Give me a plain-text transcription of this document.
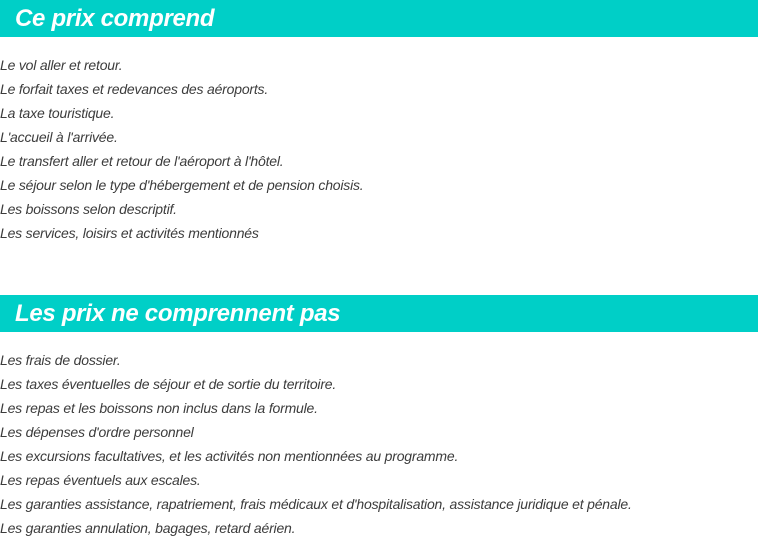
Ce prix comprend
Le vol aller et retour.
Le forfait taxes et redevances des aéroports.
La taxe touristique.
L'accueil à l'arrivée.
Le transfert aller et retour de l'aéroport à l'hôtel.
Le séjour selon le type d'hébergement et de pension choisis.
Les boissons selon descriptif.
Les services, loisirs et activités mentionnés
Les prix ne comprennent pas
Les frais de dossier.
Les taxes éventuelles de séjour et de sortie du territoire.
Les repas et les boissons non inclus dans la formule.
Les dépenses d'ordre personnel
Les excursions facultatives, et les activités non mentionnées au programme.
Les repas éventuels aux escales.
Les garanties assistance, rapatriement, frais médicaux et d'hospitalisation, assistance juridique et pénale.
Les garanties annulation, bagages, retard aérien.
